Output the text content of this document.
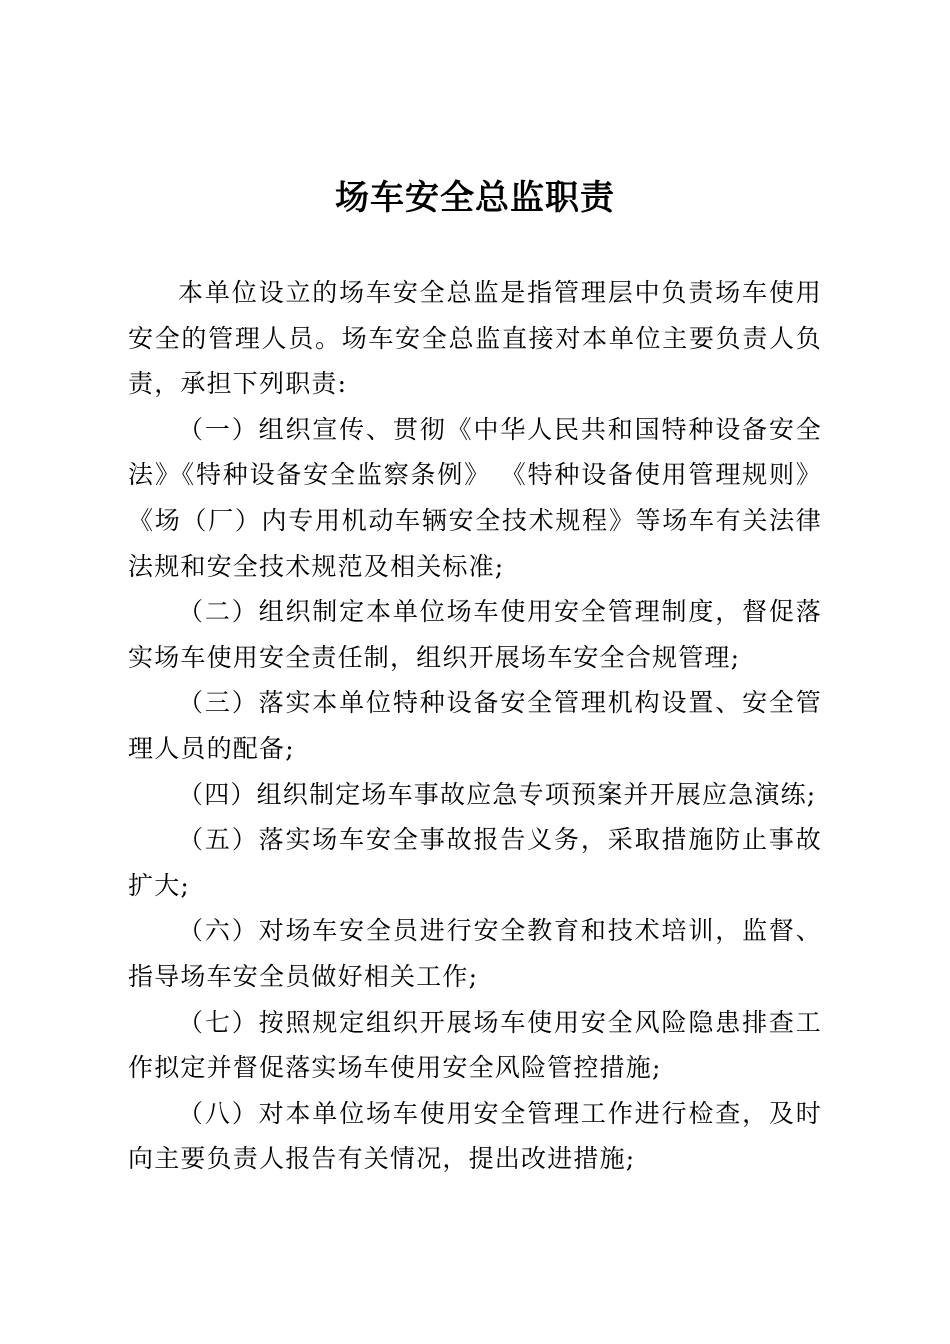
场车安全总监职责

本单位设立的场车安全总监是指管理层中负责场车使用安全的管理人员。场车安全总监直接对本单位主要负责人负责，承担下列职责:

（一）组织宣传、贯彻《中华人民共和国特种设备安全法》《特种设备安全监察条例》 《特种设备使用管理规则》《场（厂）内专用机动车辆安全技术规程》等场车有关法律法规和安全技术规范及相关标准;

（二）组织制定本单位场车使用安全管理制度，督促落实场车使用安全责任制，组织开展场车安全合规管理;

（三）落实本单位特种设备安全管理机构设置、安全管理人员的配备;

（四）组织制定场车事故应急专项预案并开展应急演练;

（五）落实场车安全事故报告义务，采取措施防止事故扩大;

（六）对场车安全员进行安全教育和技术培训，监督、指导场车安全员做好相关工作;

（七）按照规定组织开展场车使用安全风险隐患排查工作拟定并督促落实场车使用安全风险管控措施;

（八）对本单位场车使用安全管理工作进行检查，及时向主要负责人报告有关情况，提出改进措施;
